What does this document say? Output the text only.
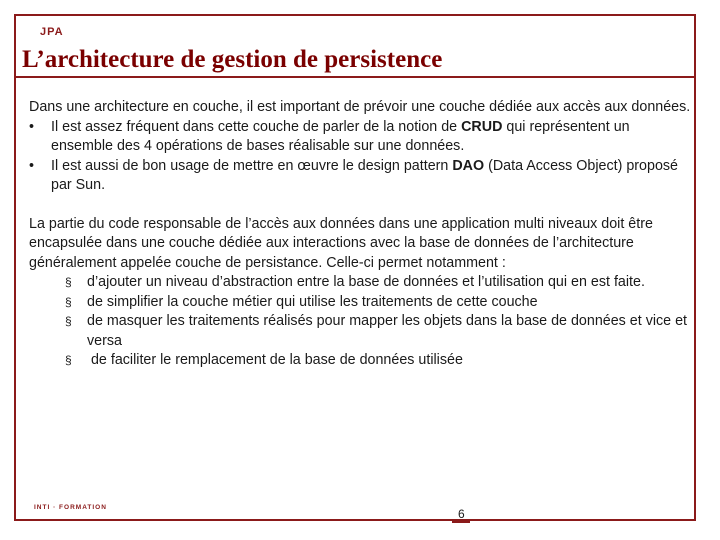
JPA
L’architecture de gestion de persistence

Dans une architecture en couche, il est important de prévoir une couche dédiée aux accès aux données.

• Il est assez fréquent dans cette couche de parler de la notion de CRUD qui représentent un ensemble des 4 opérations de bases réalisable sur une données.
• Il est aussi de bon usage de mettre en œuvre le design pattern DAO (Data Access Object) proposé par Sun.

La partie du code responsable de l’accès aux données dans une application multi niveaux doit être encapsulée dans une couche dédiée aux interactions avec la base de données de l’architecture généralement appelée couche de persistance. Celle-ci permet notamment :

§ d’ajouter un niveau d’abstraction entre la base de données et l’utilisation qui en est faite.
§ de simplifier la couche métier qui utilise les traitements de cette couche
§ de masquer les traitements réalisés pour mapper les objets dans la base de données et vice et versa
§ de faciliter le remplacement de la base de données utilisée
INTI · FORMATION	6
